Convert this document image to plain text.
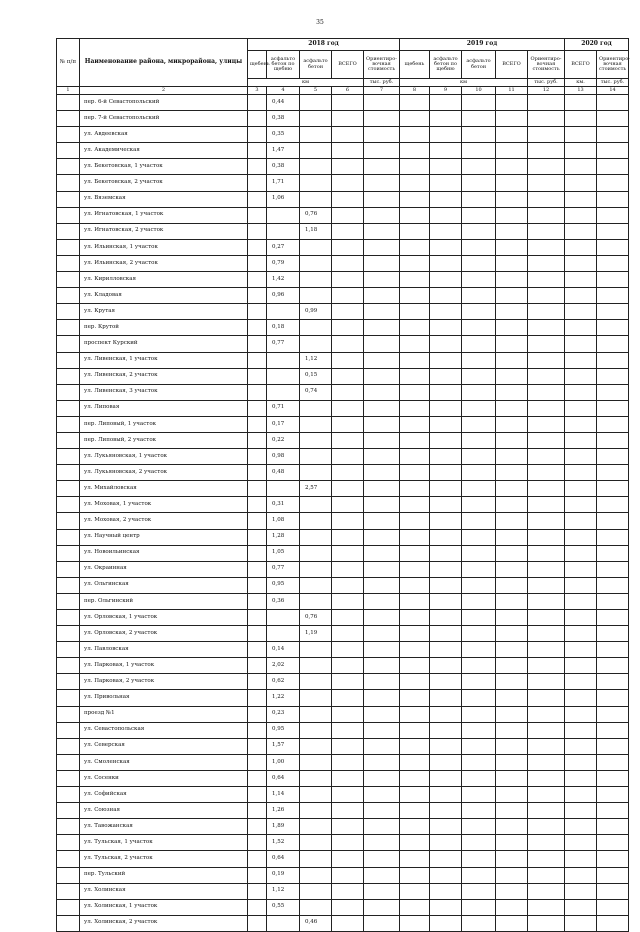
35
№ п/п	Наименование района, микрорайона, улицы	2018 год					2019 год					2020 год	
		щебень	асфальто бетон по щебню	асфальто бетон	ВСЕГО	Ориентиро-вочная стоимость	щебень	асфальто бетон по щебню	асфальто бетон	ВСЕГО	Ориентиро-вочная стоимость	ВСЕГО	Ориентиро-вочная стоимость
		км				тыс. руб.	км				тыс. руб.	км.	тыс. руб.
1	2	3	4	5	6	7	8	9	10	11	12	13	14
	пер. 6-й Севастопольский		0,44										
	пер. 7-й Севастопольский		0,38										
	ул. Авдеевская		0,35										
	ул. Академическая		1,47										
	ул. Бекетовская, 1 участок		0,38										
	ул. Бекетовская, 2 участок		1,71										
	ул. Вяземская		1,06										
	ул. Игнатовская, 1 участок			0,76									
	ул. Игнатовская, 2 участок			1,18									
	ул. Ильинская, 1 участок		0,27										
	ул. Ильинская, 2 участок		0,79										
	ул. Кирилловская		1,42										
	ул. Кладовая		0,96										
	ул. Крутая			0,99									
	пер. Крутой		0,18										
	проспект Курский		0,77										
	ул. Ливенская, 1 участок			1,12									
	ул. Ливенская, 2 участок			0,15									
	ул. Ливенская, 3 участок			0,74									
	ул. Липовая		0,71										
	пер. Липовый, 1 участок		0,17										
	пер. Липовый, 2 участок		0,22										
	ул. Лукьяновская, 1 участок		0,98										
	ул. Лукьяновская, 2 участок		0,48										
	ул. Михайловская			2,57									
	ул. Моховая, 1 участок		0,31										
	ул. Моховая, 2 участок		1,08										
	ул. Научный центр		1,28										
	ул. Новоильинская		1,05										
	ул. Окраинная		0,77										
	ул. Ольгинская		0,95										
	пер. Ольгинский		0,36										
	ул. Орловская, 1 участок			0,76									
	ул. Орловская, 2 участок			1,19									
	ул. Павловская		0,14										
	ул. Парковая, 1 участок		2,02										
	ул. Парковая, 2 участок		0,62										
	ул. Привольная		1,22										
	проезд №1		0,23										
	ул. Севастопольская		0,95										
	ул. Северская		1,57										
	ул. Смоленская		1,00										
	ул. Сосенки		0,64										
	ул. Софийская		1,14										
	ул. Союзная		1,26										
	ул. Тавожанская		1,89										
	ул. Тульская, 1 участок		1,52										
	ул. Тульская, 2 участок		0,64										
	пер. Тульский		0,19										
	ул. Холинская		1,12										
	ул. Холинская, 1 участок		0,55										
	ул. Холинская, 2 участок			0,46									
